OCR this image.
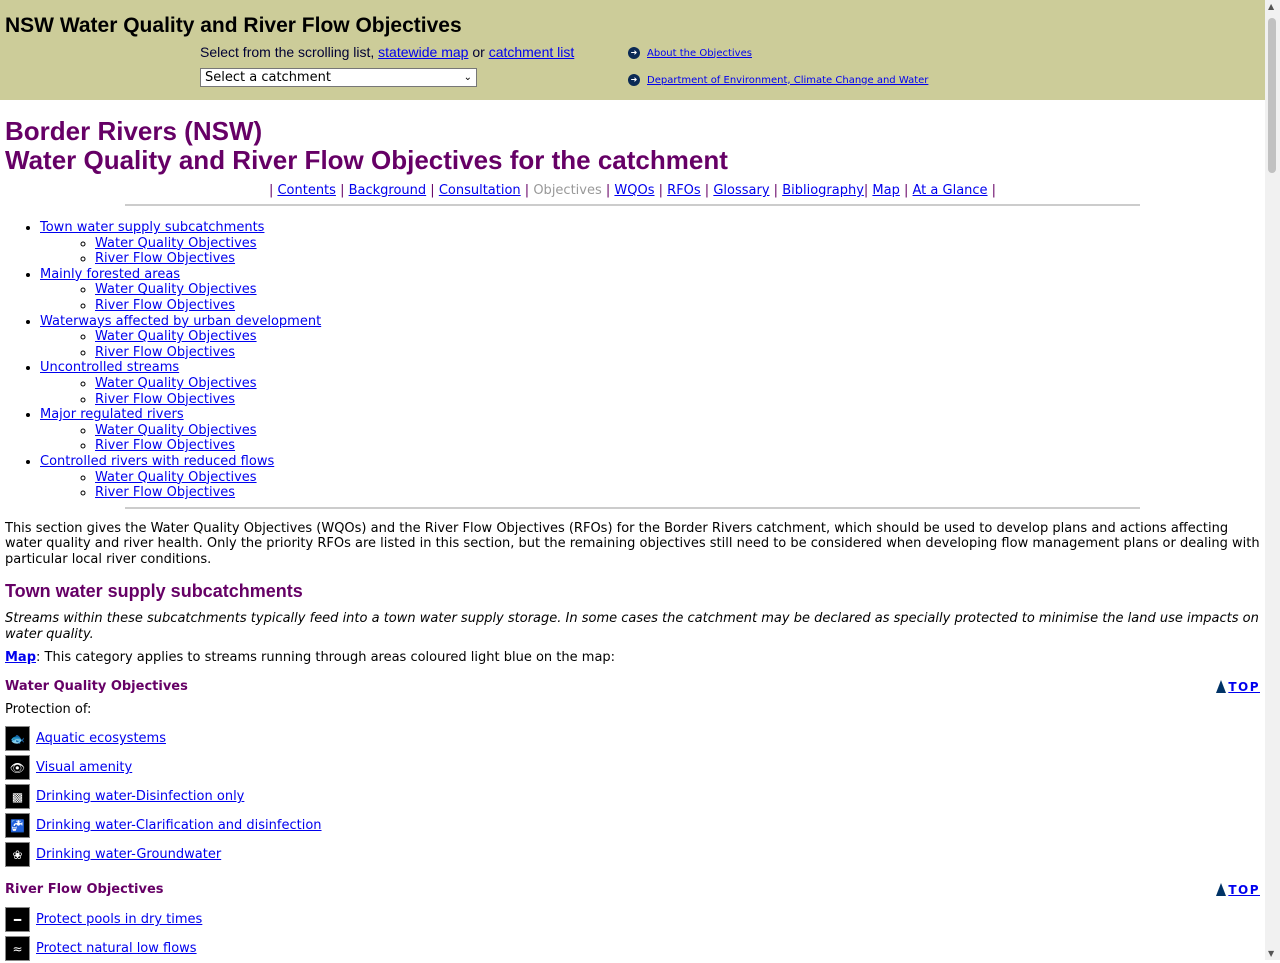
NSW Water Quality and River Flow Objectives
Select from the scrolling list, statewide map or catchment list
Select a catchment	⌄
➜ About the Objectives
➜ Department of Environment, Climate Change and Water
Border Rivers (NSW)
Water Quality and River Flow Objectives for the catchment
| Contents | Background | Consultation | Objectives | WQOs | RFOs | Glossary | Bibliography| Map | At a Glance |
• Town water supply subcatchments
◦ Water Quality Objectives
◦ River Flow Objectives
• Mainly forested areas
◦ Water Quality Objectives
◦ River Flow Objectives
• Waterways affected by urban development
◦ Water Quality Objectives
◦ River Flow Objectives
• Uncontrolled streams
◦ Water Quality Objectives
◦ River Flow Objectives
• Major regulated rivers
◦ Water Quality Objectives
◦ River Flow Objectives
• Controlled rivers with reduced flows
◦ Water Quality Objectives
◦ River Flow Objectives

This section gives the Water Quality Objectives (WQOs) and the River Flow Objectives (RFOs) for the Border Rivers catchment, which should be used to develop plans and actions affecting water quality and river health. Only the priority RFOs are listed in this section, but the remaining objectives still need to be considered when developing flow management plans or dealing with particular local river conditions.

Town water supply subcatchments

Streams within these subcatchments typically feed into a town water supply storage. In some cases the catchment may be declared as specially protected to minimise the land use impacts on water quality.

Map: This category applies to streams running through areas coloured light blue on the map:

Water Quality Objectives	TOP

Protection of:

🐟 Aquatic ecosystems
👁 Visual amenity
▩ Drinking water-Disinfection only
🚰 Drinking water-Clarification and disinfection
❀	Drinking water-Groundwater
River Flow Objectives	TOP
━	Protect pools in dry times
≈	Protect natural low flows
▲
▼
